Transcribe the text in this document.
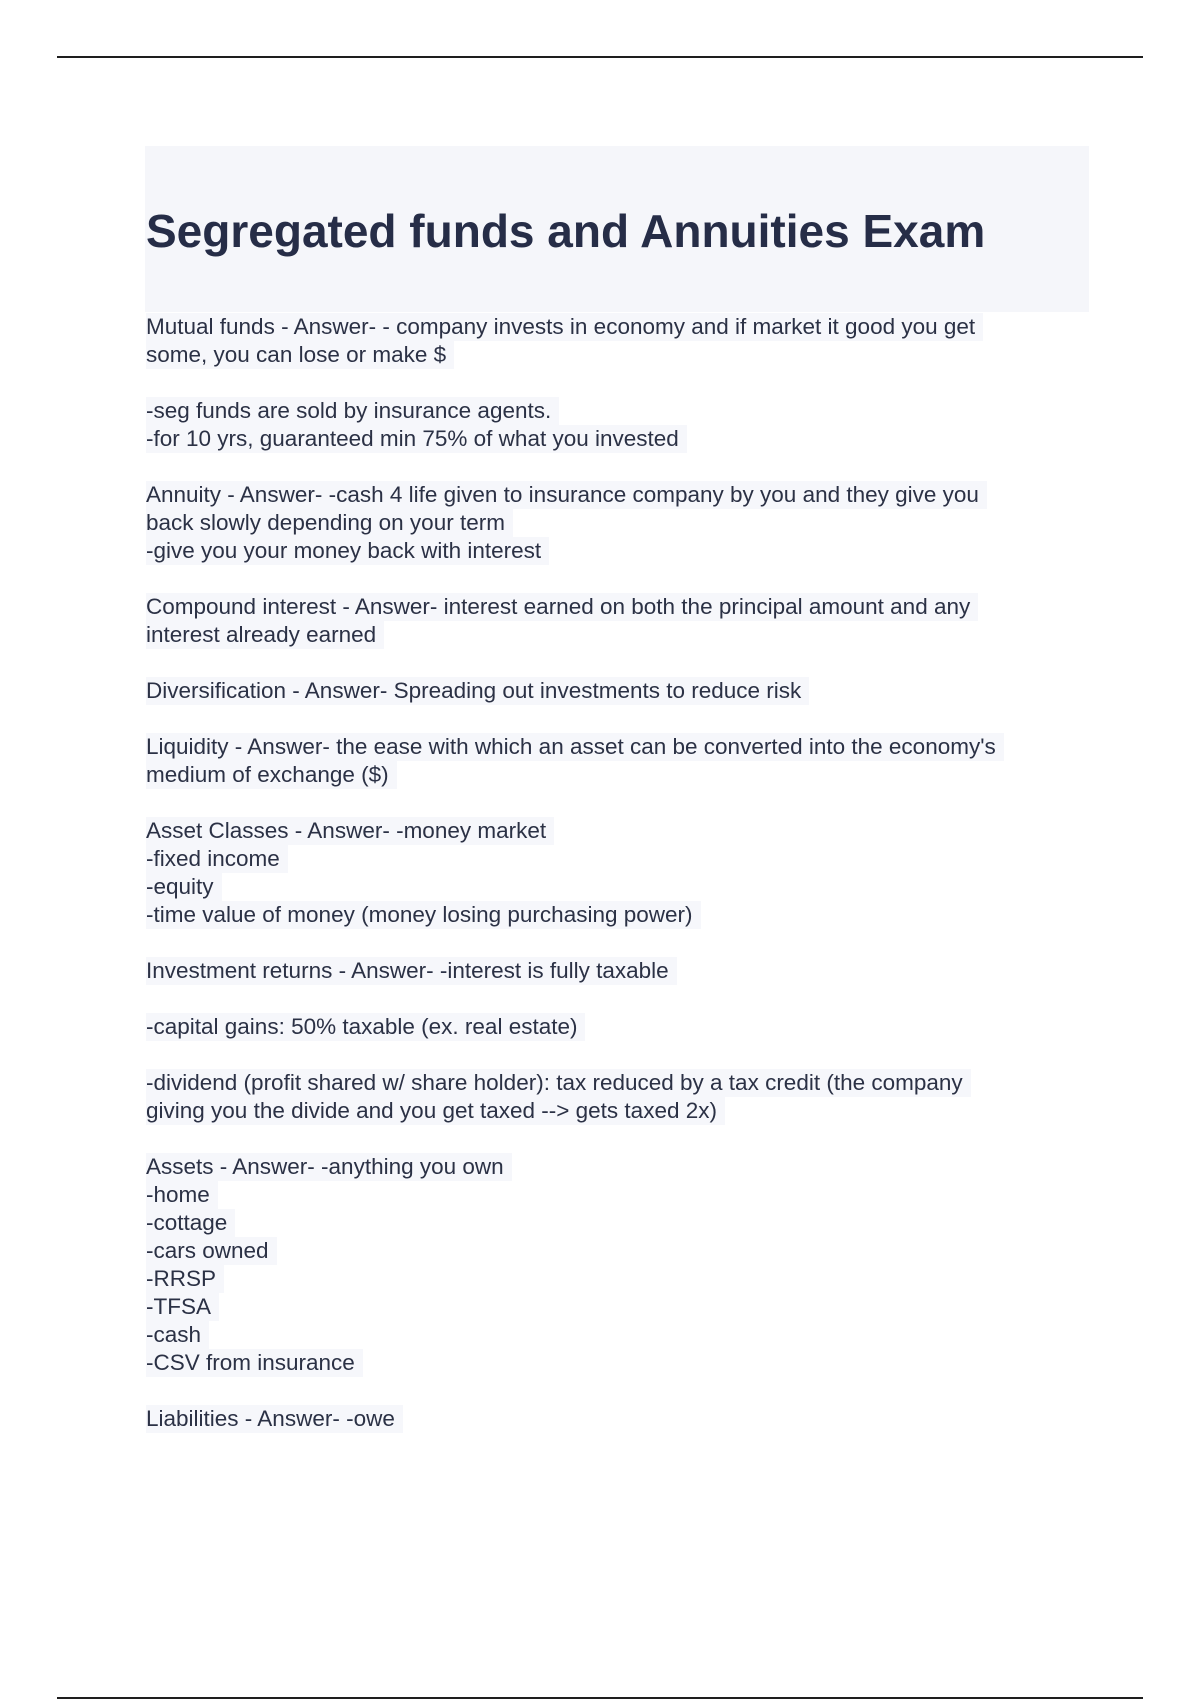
Segregated funds and Annuities Exam
Mutual funds - Answer- - company invests in economy and if market it good you get
some, you can lose or make $
-seg funds are sold by insurance agents.
-for 10 yrs, guaranteed min 75% of what you invested
Annuity - Answer- -cash 4 life given to insurance company by you and they give you
back slowly depending on your term
-give you your money back with interest
Compound interest - Answer- interest earned on both the principal amount and any
interest already earned
Diversification - Answer- Spreading out investments to reduce risk
Liquidity - Answer- the ease with which an asset can be converted into the economy's
medium of exchange ($)
Asset Classes - Answer- -money market
-fixed income
-equity
-time value of money (money losing purchasing power)
Investment returns - Answer- -interest is fully taxable
-capital gains: 50% taxable (ex. real estate)
-dividend (profit shared w/ share holder): tax reduced by a tax credit (the company
giving you the divide and you get taxed --> gets taxed 2x)
Assets - Answer- -anything you own
-home
-cottage
-cars owned
-RRSP
-TFSA
-cash
-CSV from insurance
Liabilities - Answer- -owe
